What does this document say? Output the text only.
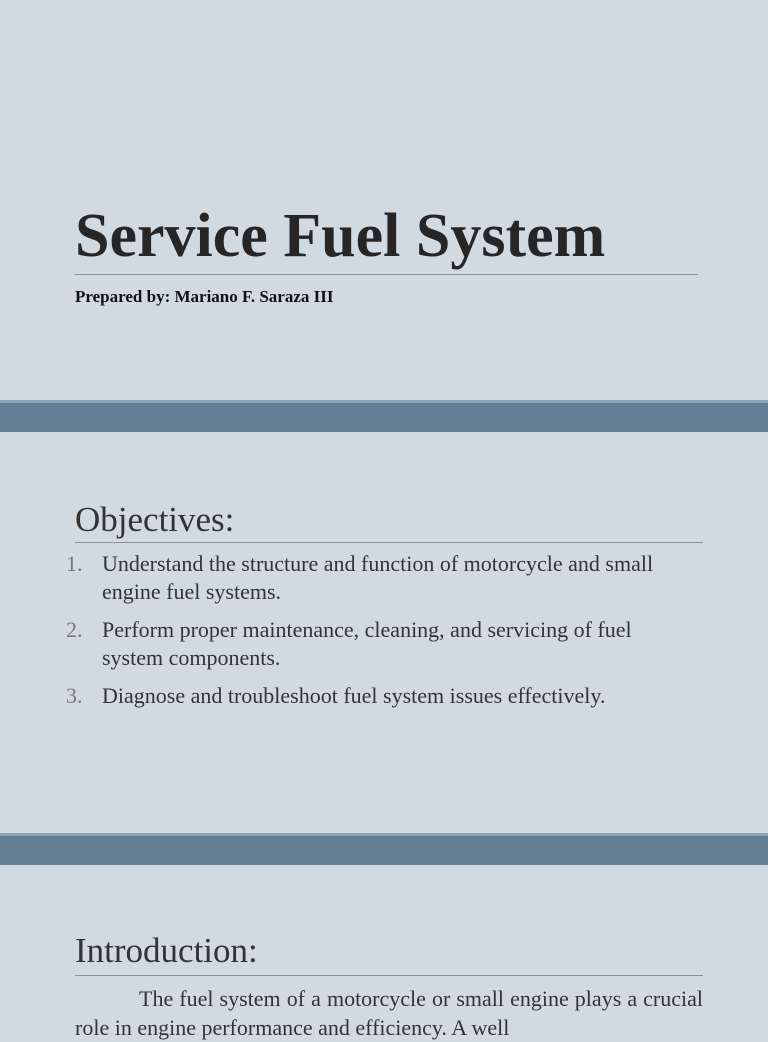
Service Fuel System
Prepared by: Mariano F. Saraza III
Objectives:
1. Understand the structure and function of motorcycle and small engine fuel systems.
2. Perform proper maintenance, cleaning, and servicing of fuel system components.
3. Diagnose and troubleshoot fuel system issues effectively.
Introduction:

The fuel system of a motorcycle or small engine plays a crucial role in engine performance and efficiency. A well
